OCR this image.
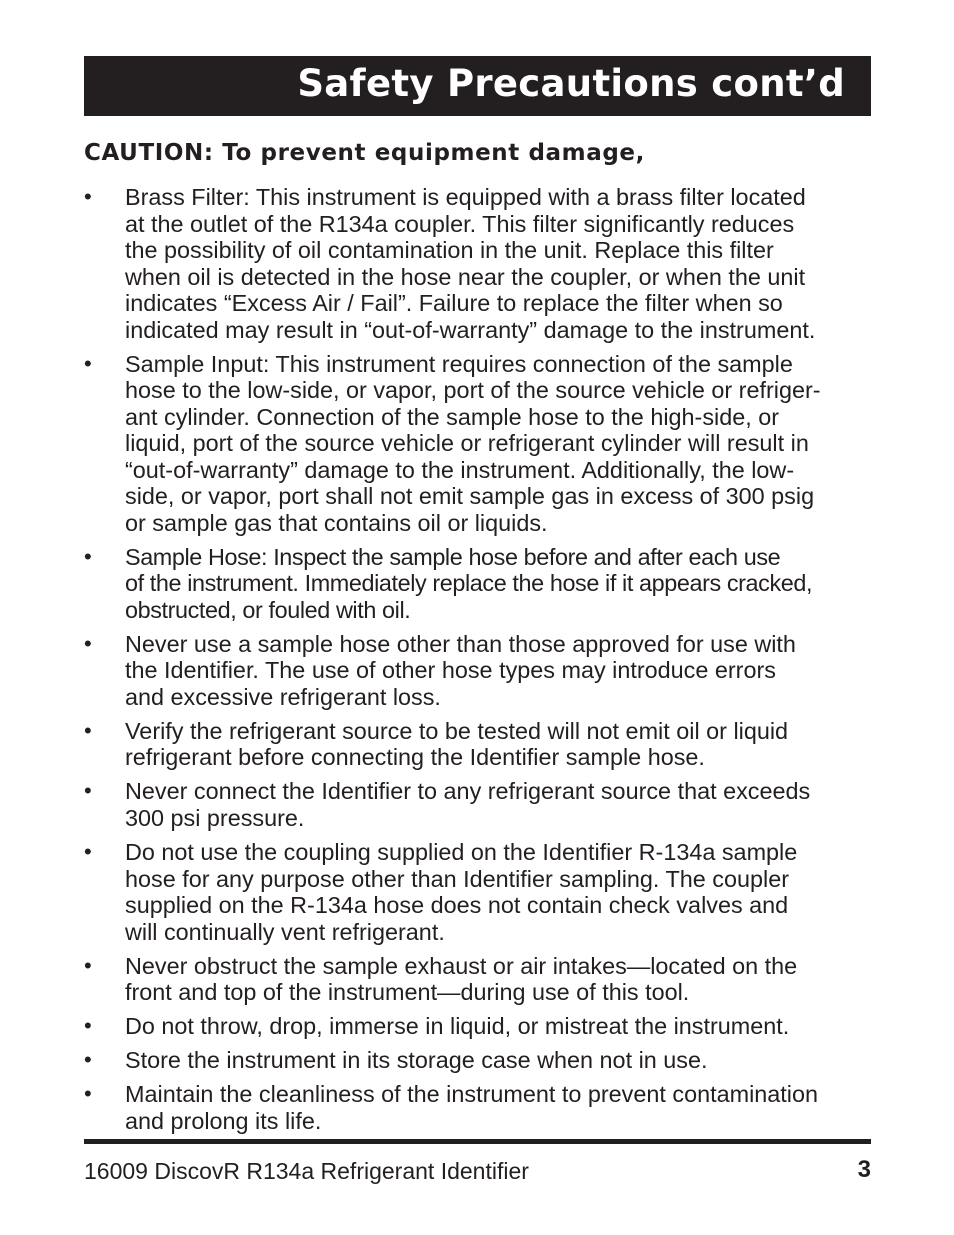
Safety Precautions cont’d
CAUTION: To prevent equipment damage,
• Brass Filter: This instrument is equipped with a brass filter located
at the outlet of the R134a coupler. This filter significantly reduces
the possibility of oil contamination in the unit. Replace this filter
when oil is detected in the hose near the coupler, or when the unit
indicates “Excess Air / Fail”. Failure to replace the filter when so
indicated may result in “out-of-warranty” damage to the instrument.
• Sample Input: This instrument requires connection of the sample
hose to the low-side, or vapor, port of the source vehicle or refriger-
ant cylinder. Connection of the sample hose to the high-side, or
liquid, port of the source vehicle or refrigerant cylinder will result in
“out-of-warranty” damage to the instrument. Additionally, the low-
side, or vapor, port shall not emit sample gas in excess of 300 psig
or sample gas that contains oil or liquids.
• Sample Hose: Inspect the sample hose before and after each use
of the instrument. Immediately replace the hose if it appears cracked,
obstructed, or fouled with oil.
• Never use a sample hose other than those approved for use with
the Identifier. The use of other hose types may introduce errors
and excessive refrigerant loss.
• Verify the refrigerant source to be tested will not emit oil or liquid
refrigerant before connecting the Identifier sample hose.
• Never connect the Identifier to any refrigerant source that exceeds
300 psi pressure.
• Do not use the coupling supplied on the Identifier R-134a sample
hose for any purpose other than Identifier sampling. The coupler
supplied on the R-134a hose does not contain check valves and
will continually vent refrigerant.
• Never obstruct the sample exhaust or air intakes—located on the
front and top of the instrument—during use of this tool.
• Do not throw, drop, immerse in liquid, or mistreat the instrument.
• Store the instrument in its storage case when not in use.
• Maintain the cleanliness of the instrument to prevent contamination
and prolong its life.
16009 DiscovR R134a Refrigerant Identifier	3
